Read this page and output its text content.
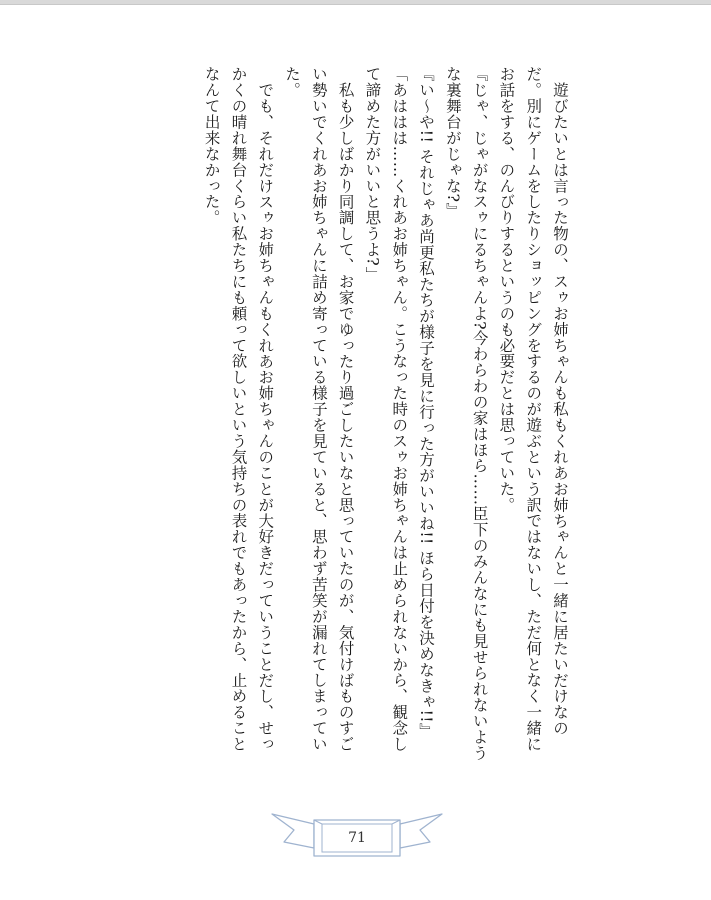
遊びたいとは言った物の、スゥお姉ちゃんも私もくれあお姉ちゃんと一緒に居たいだけなのだ。別にゲームをしたりショッピングをするのが遊ぶという訳ではないし、ただ何となく一緒にお話をする、のんびりするというのも必要だとは思っていた。

『じゃ、じゃがなスゥにるちゃんよ?今わらわの家はほら……臣下のみんなにも見せられないような裏舞台がじゃな?』

『い～や!! それじゃあ尚更私たちが様子を見に行った方がいいね!! ほら日付を決めなきゃ!!』

「あははは……くれあお姉ちゃん。こうなった時のスゥお姉ちゃんは止められないから、観念して諦めた方がいいと思うよ?」

私も少しばかり同調して、お家でゆったり過ごしたいなと思っていたのが、気付けばものすごい勢いでくれあお姉ちゃんに詰め寄っている様子を見ていると、思わず苦笑が漏れてしまっていた。

でも、それだけスゥお姉ちゃんもくれあお姉ちゃんのことが大好きだっていうことだし、せっかくの晴れ舞台くらい私たちにも頼って欲しいという気持ちの表れでもあったから、止めることなんて出来なかった。

71
